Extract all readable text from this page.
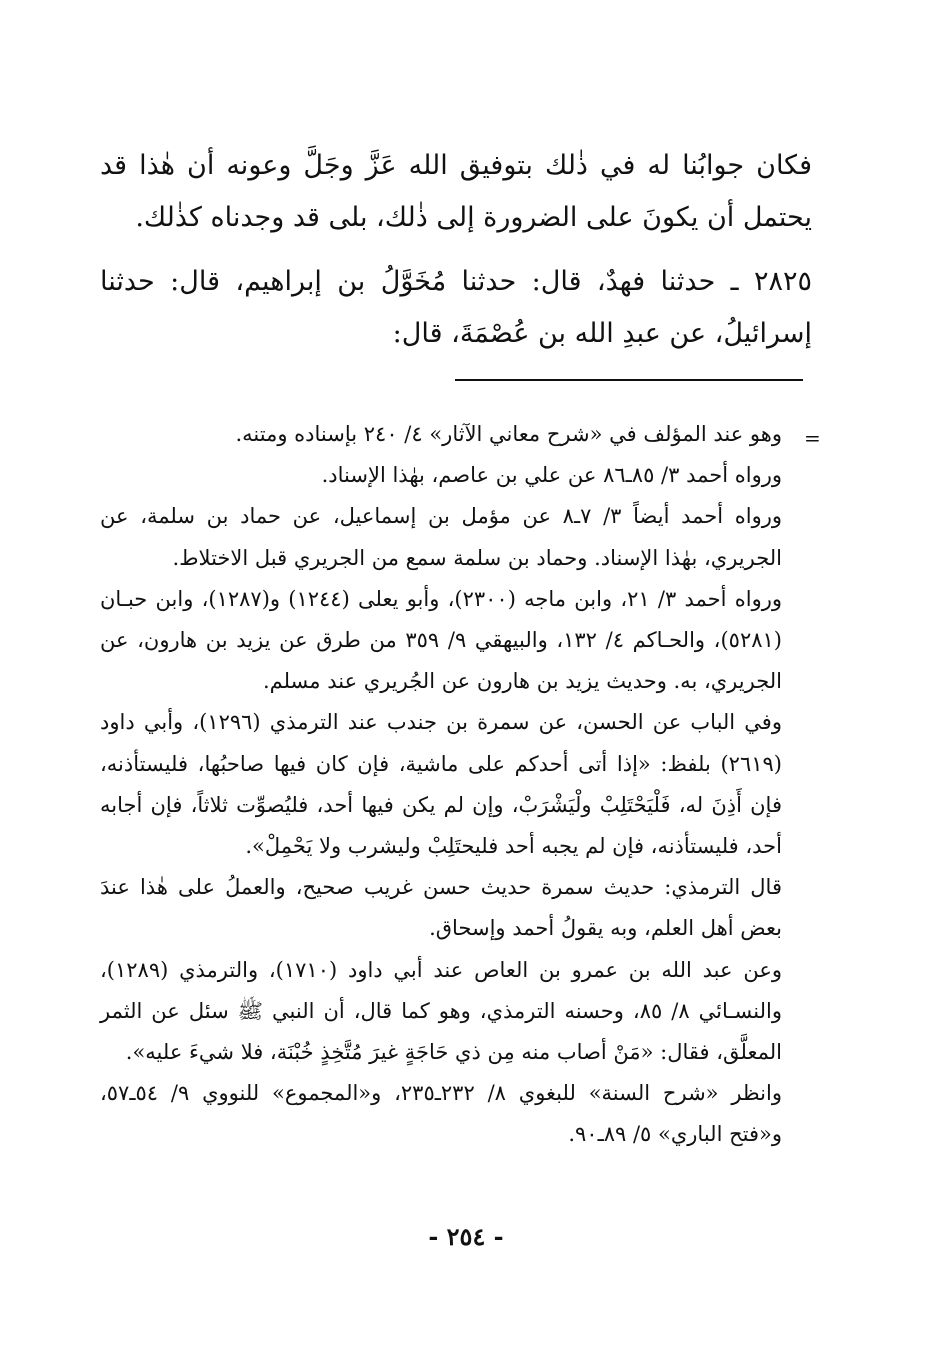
فكان جوابُنا له في ذٰلك بتوفيق الله عَزَّ وجَلَّ وعونه أن هٰذا قد يحتمل أن يكونَ على الضرورة إلى ذٰلك، بلى قد وجدناه كذٰلك.

٢٨٢٥ ـ حدثنا فهدٌ، قال: حدثنا مُخَوَّلُ بن إبراهيم، قال: حدثنا إسرائيلُ، عن عبدِ الله بن عُصْمَةَ، قال:

=

وهو عند المؤلف في «شرح معاني الآثار» ٤/ ٢٤٠ بإسناده ومتنه.

ورواه أحمد ٣/ ٨٥ـ٨٦ عن علي بن عاصم، بهٰذا الإسناد.

ورواه أحمد أيضاً ٣/ ٧ـ٨ عن مؤمل بن إسماعيل، عن حماد بن سلمة، عن الجريري، بهٰذا الإسناد. وحماد بن سلمة سمع من الجريري قبل الاختلاط.

ورواه أحمد ٣/ ٢١، وابن ماجه (٢٣٠٠)، وأبو يعلى (١٢٤٤) و(١٢٨٧)، وابن حبـان (٥٢٨١)، والحـاكم ٤/ ١٣٢، والبيهقي ٩/ ٣٥٩ من طرق عن يزيد بن هارون، عن الجريري، به. وحديث يزيد بن هارون عن الجُريري عند مسلم.

وفي الباب عن الحسن، عن سمرة بن جندب عند الترمذي (١٢٩٦)، وأبي داود (٢٦١٩) بلفظ: «إذا أتى أحدكم على ماشية، فإن كان فيها صاحبُها، فليستأذنه، فإن أَذِنَ له، فَلْيَحْتَلِبْ ولْيَشْرَبْ، وإن لم يكن فيها أحد، فليُصوِّت ثلاثاً، فإن أجابه أحد، فليستأذنه، فإن لم يجبه أحد فليحتَلِبْ وليشرب ولا يَحْمِلْ».

قال الترمذي: حديث سمرة حديث حسن غريب صحيح، والعملُ على هٰذا عندَ بعض أهل العلم، وبه يقولُ أحمد وإسحاق.

وعن عبد الله بن عمرو بن العاص عند أبي داود (١٧١٠)، والترمذي (١٢٨٩)، والنسـائي ٨/ ٨٥، وحسنه الترمذي، وهو كما قال، أن النبي ﷺ سئل عن الثمر المعلَّق، فقال: «مَنْ أصاب منه مِن ذي حَاجَةٍ غيرَ مُتَّخِذٍ خُبْنَة، فلا شيءَ عليه».

وانظر «شرح السنة» للبغوي ٨/ ٢٣٢ـ٢٣٥، و«المجموع» للنووي ٩/ ٥٤ـ٥٧، و«فتح الباري» ٥/ ٨٩ـ٩٠.

- ٢٥٤ -
